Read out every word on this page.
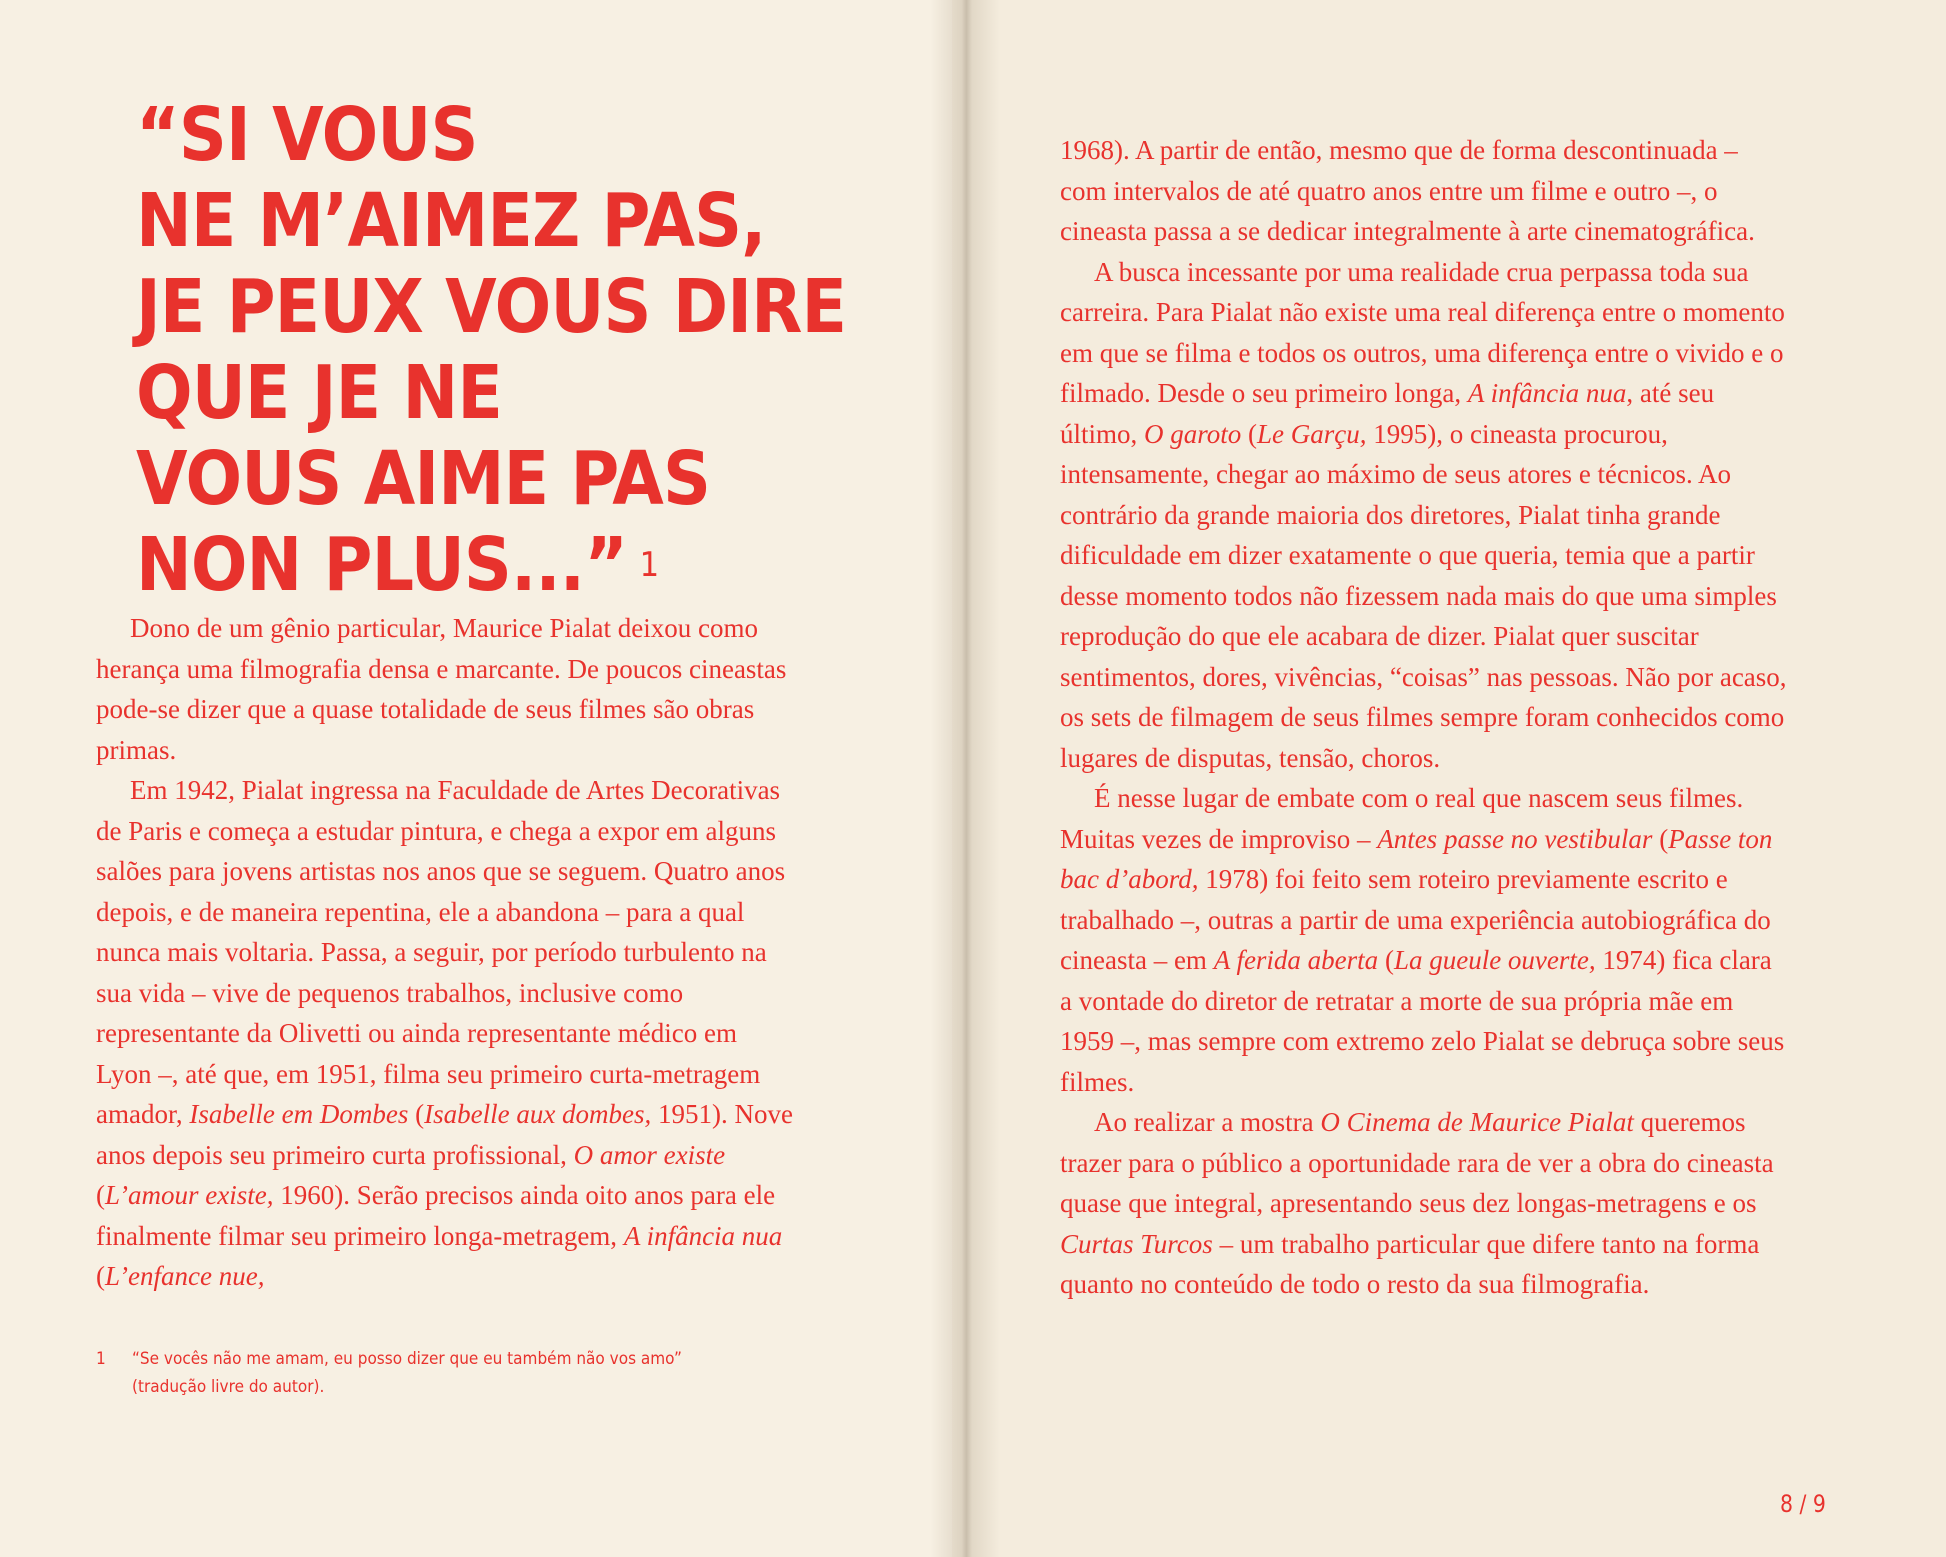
“SI VOUS
NE M’AIMEZ PAS,
JE PEUX VOUS DIRE
QUE JE NE
VOUS AIME PAS
NON PLUS...” $^1$

Dono de um gênio particular, Maurice Pialat deixou como herança uma filmografia densa e marcante. De poucos cineastas pode-se dizer que a quase totalidade de seus filmes são obras primas.

Em 1942, Pialat ingressa na Faculdade de Artes Decorativas de Paris e começa a estudar pintura, e chega a expor em alguns salões para jovens artistas nos anos que se seguem. Quatro anos depois, e de maneira repentina, ele a abandona – para a qual nunca mais voltaria. Passa, a seguir, por período turbulento na sua vida – vive de pequenos trabalhos, inclusive como representante da Olivetti ou ainda representante médico em Lyon –, até que, em 1951, filma seu primeiro curta-metragem amador, Isabelle em Dombes (Isabelle aux dombes, 1951). Nove anos depois seu primeiro curta profissional, O amor existe (L’amour existe, 1960). Serão precisos ainda oito anos para ele finalmente filmar seu primeiro longa-metragem, A infância nua (L’enfance nue,

1 “Se vocês não me amam, eu posso dizer que eu também não vos amo” (tradução livre do autor).

1968). A partir de então, mesmo que de forma descontinuada – com intervalos de até quatro anos entre um filme e outro –, o cineasta passa a se dedicar integralmente à arte cinematográfica.

A busca incessante por uma realidade crua perpassa toda sua carreira. Para Pialat não existe uma real diferença entre o momento em que se filma e todos os outros, uma diferença entre o vivido e o filmado. Desde o seu primeiro longa, A infância nua, até seu último, O garoto (Le Garçu, 1995), o cineasta procurou, intensamente, chegar ao máximo de seus atores e técnicos. Ao contrário da grande maioria dos diretores, Pialat tinha grande dificuldade em dizer exatamente o que queria, temia que a partir desse momento todos não fizessem nada mais do que uma simples reprodução do que ele acabara de dizer. Pialat quer suscitar sentimentos, dores, vivências, “coisas” nas pessoas. Não por acaso, os sets de filmagem de seus filmes sempre foram conhecidos como lugares de disputas, tensão, choros.

É nesse lugar de embate com o real que nascem seus filmes. Muitas vezes de improviso – Antes passe no vestibular (Passe ton bac d’abord, 1978) foi feito sem roteiro previamente escrito e trabalhado –, outras a partir de uma experiência autobiográfica do cineasta – em A ferida aberta (La gueule ouverte, 1974) fica clara a vontade do diretor de retratar a morte de sua própria mãe em 1959 –, mas sempre com extremo zelo Pialat se debruça sobre seus filmes.

Ao realizar a mostra O Cinema de Maurice Pialat queremos trazer para o público a oportunidade rara de ver a obra do cineasta quase que integral, apresentando seus dez longas-metragens e os Curtas Turcos – um trabalho particular que difere tanto na forma quanto no conteúdo de todo o resto da sua filmografia.

8 / 9
